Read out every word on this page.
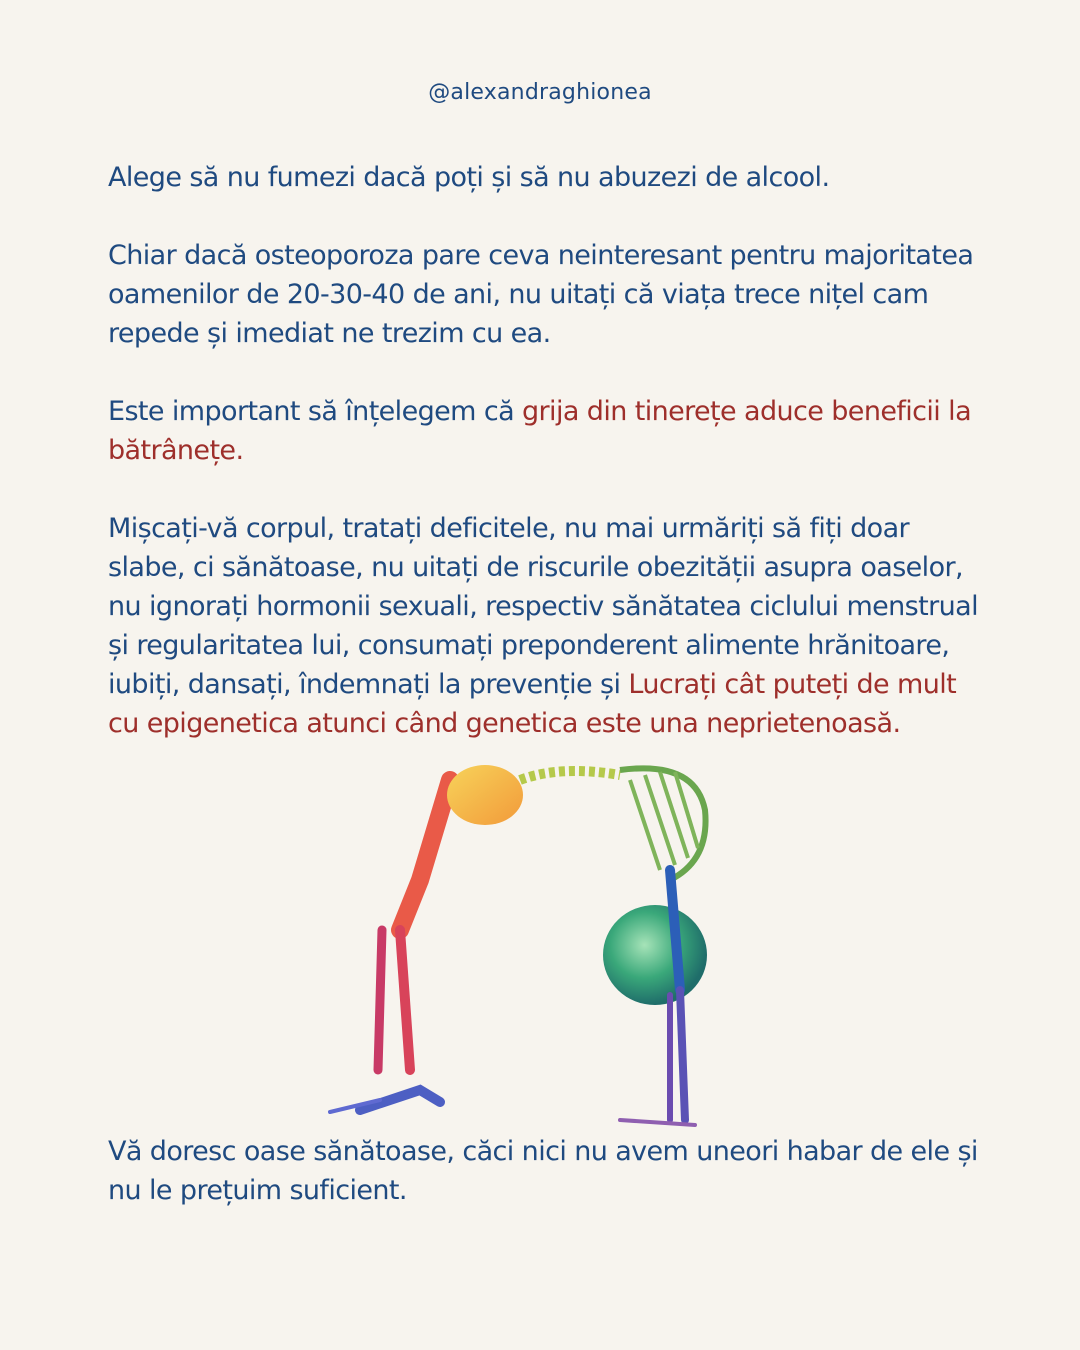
@alexandraghionea

Alege să nu fumezi dacă poți și să nu abuzezi de alcool.

Chiar dacă osteoporoza pare ceva neinteresant pentru majoritatea oamenilor de 20-30-40 de ani, nu uitați că viața trece nițel cam repede și imediat ne trezim cu ea.

Este important să înțelegem că grija din tinerețe aduce beneficii la bătrânețe.

Mișcați-vă corpul, tratați deficitele, nu mai urmăriți să fiți doar slabe, ci sănătoase, nu uitați de riscurile obezității asupra oaselor, nu ignorați hormonii sexuali, respectiv sănătatea ciclului menstrual și regularitatea lui, consumați preponderent alimente hrănitoare, iubiți, dansați, îndemnați la prevenție și Lucrați cât puteți de mult cu epigenetica atunci când genetica este una neprietenoasă.

Vă doresc oase sănătoase, căci nici nu avem uneori habar de ele și nu le prețuim suficient.
